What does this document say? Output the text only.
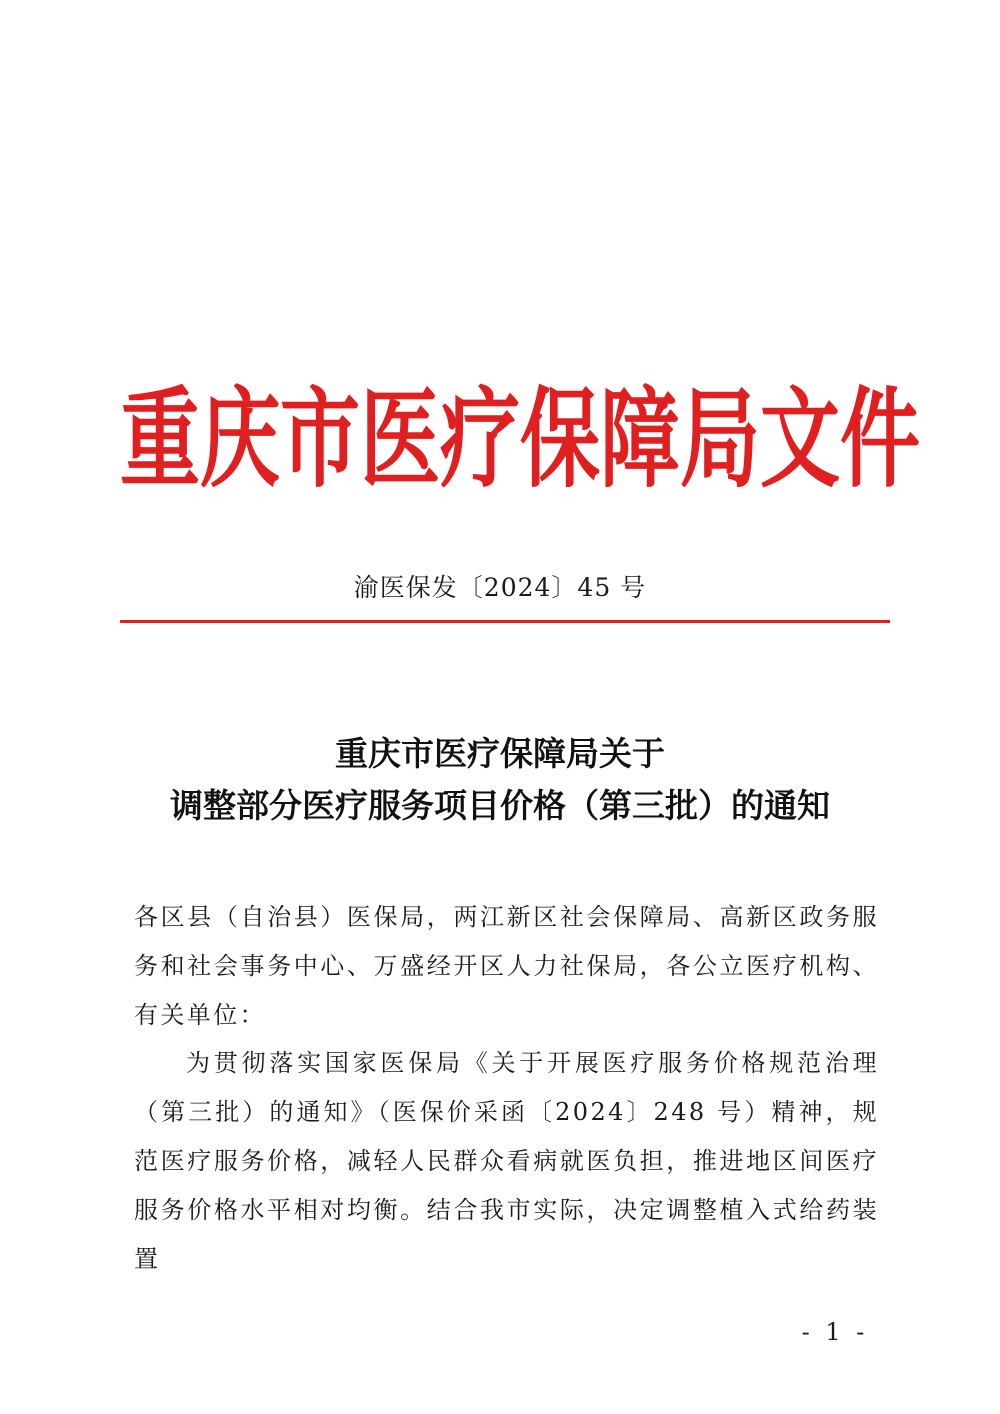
重 庆 市 医 疗 保 障 局 文 件
渝医保发〔2024〕45 号
重庆市医疗保障局关于
调整部分医疗服务项目价格（第三批）的通知

各区县（自治县）医保局，两江新区社会保障局、高新区政务服务和社会事务中心、万盛经开区人力社保局，各公立医疗机构、有关单位：

为贯彻落实国家医保局《关于开展医疗服务价格规范治理（第三批）的通知》（医保价采函〔2024〕248 号）精神，规范医疗服务价格，减轻人民群众看病就医负担，推进地区间医疗服务价格水平相对均衡。结合我市实际，决定调整植入式给药装置

- 1 -
